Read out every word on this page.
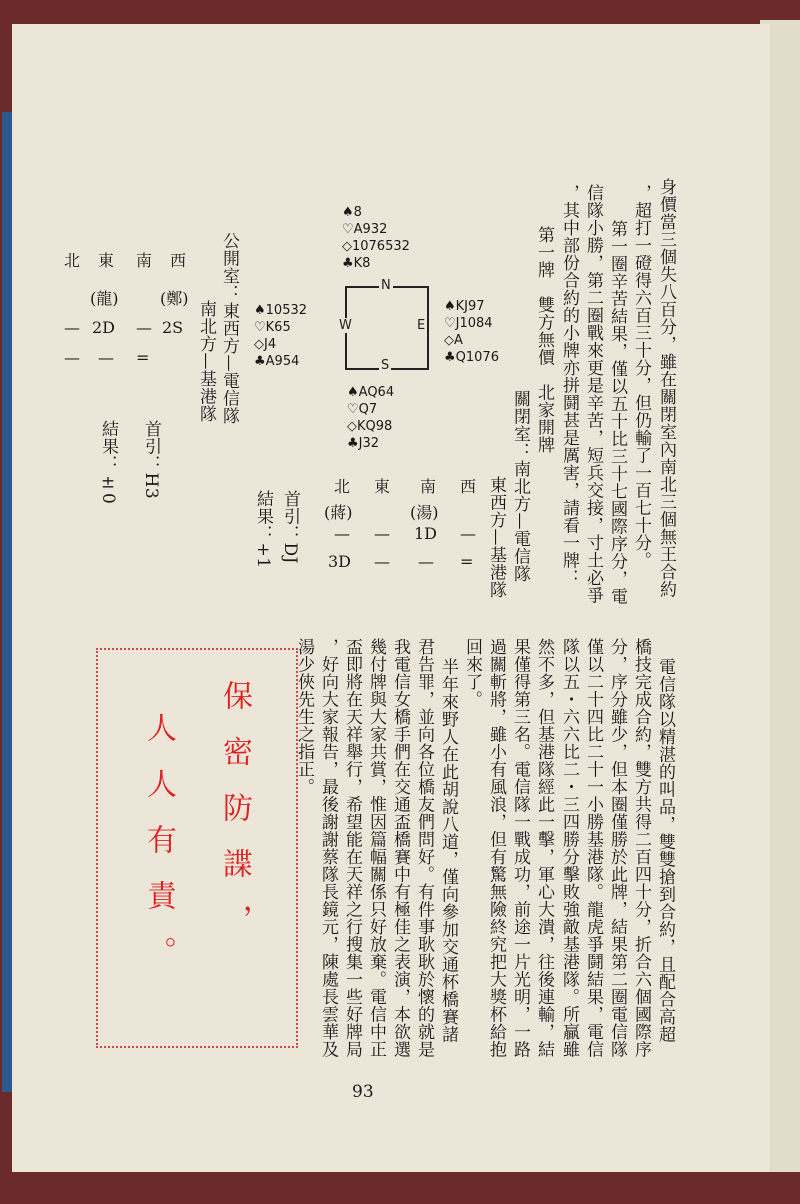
身價當三個失八百分，雖在關閉室內南北三個無王合約
，超打一磴得六百三十分，但仍輸了一百七十分。
第一圈辛苦結果，僅以五十比三十七國際序分，電
信隊小勝，第二圈戰來更是辛苦，短兵交接，寸土必爭
，其中部份合約的小牌亦拼鬪甚是厲害，請看一牌：
第一牌　雙方無價　北家開牌
關閉室：南北方—電信隊
東西方—基港隊
♠8
♡A932
◇1076532
♣K8
♠10532
♡K65
◇J4
♣A954
♠KJ97
♡J1084
◇A
♣Q1076
♠AQ64
♡Q7
◇KQ98
♣J32
N
W	E
S
北 東 南 西
(蔣)	(湯)
— — 1D —
3D — — =
首引：DJ
結果：+1
公開室：東西方—電信隊
南北方—基港隊
北 東 南 西
(龍)	(鄭)
— 2D — 2S
— — =
首引：H3
結果：±0
電信隊以精湛的叫品，雙雙搶到合約，且配合高超
橋技完成合約，雙方共得二百四十分，折合六個國際序
分，序分雖少，但本圈僅勝於此牌，結果第二圈電信隊
僅以二十四比二十一小勝基港隊。龍虎爭鬪結果，電信
隊以五・六六比二・三四勝分擊敗強敵基港隊。所贏雖
然不多，但基港隊經此一擊，軍心大潰，往後連輸，結
果僅得第三名。電信隊一戰成功，前途一片光明，一路
過關斬將，雖小有風浪，但有驚無險終究把大獎杯給抱
回來了。
半年來野人在此胡說八道，僅向參加交通杯橋賽諸
君告罪，並向各位橋友們問好。有件事耿耿於懷的就是
我電信女橋手們在交通盃橋賽中有極佳之表演，本欲選
幾付牌與大家共賞，惟因篇幅關係只好放棄。電信中正
盃即將在天祥舉行，希望能在天祥之行搜集一些好牌局
，好向大家報告，最後謝謝蔡隊長鏡元，陳處長雲華及
湯少俠先生之指正。
保密防諜，
人人有責。
93
